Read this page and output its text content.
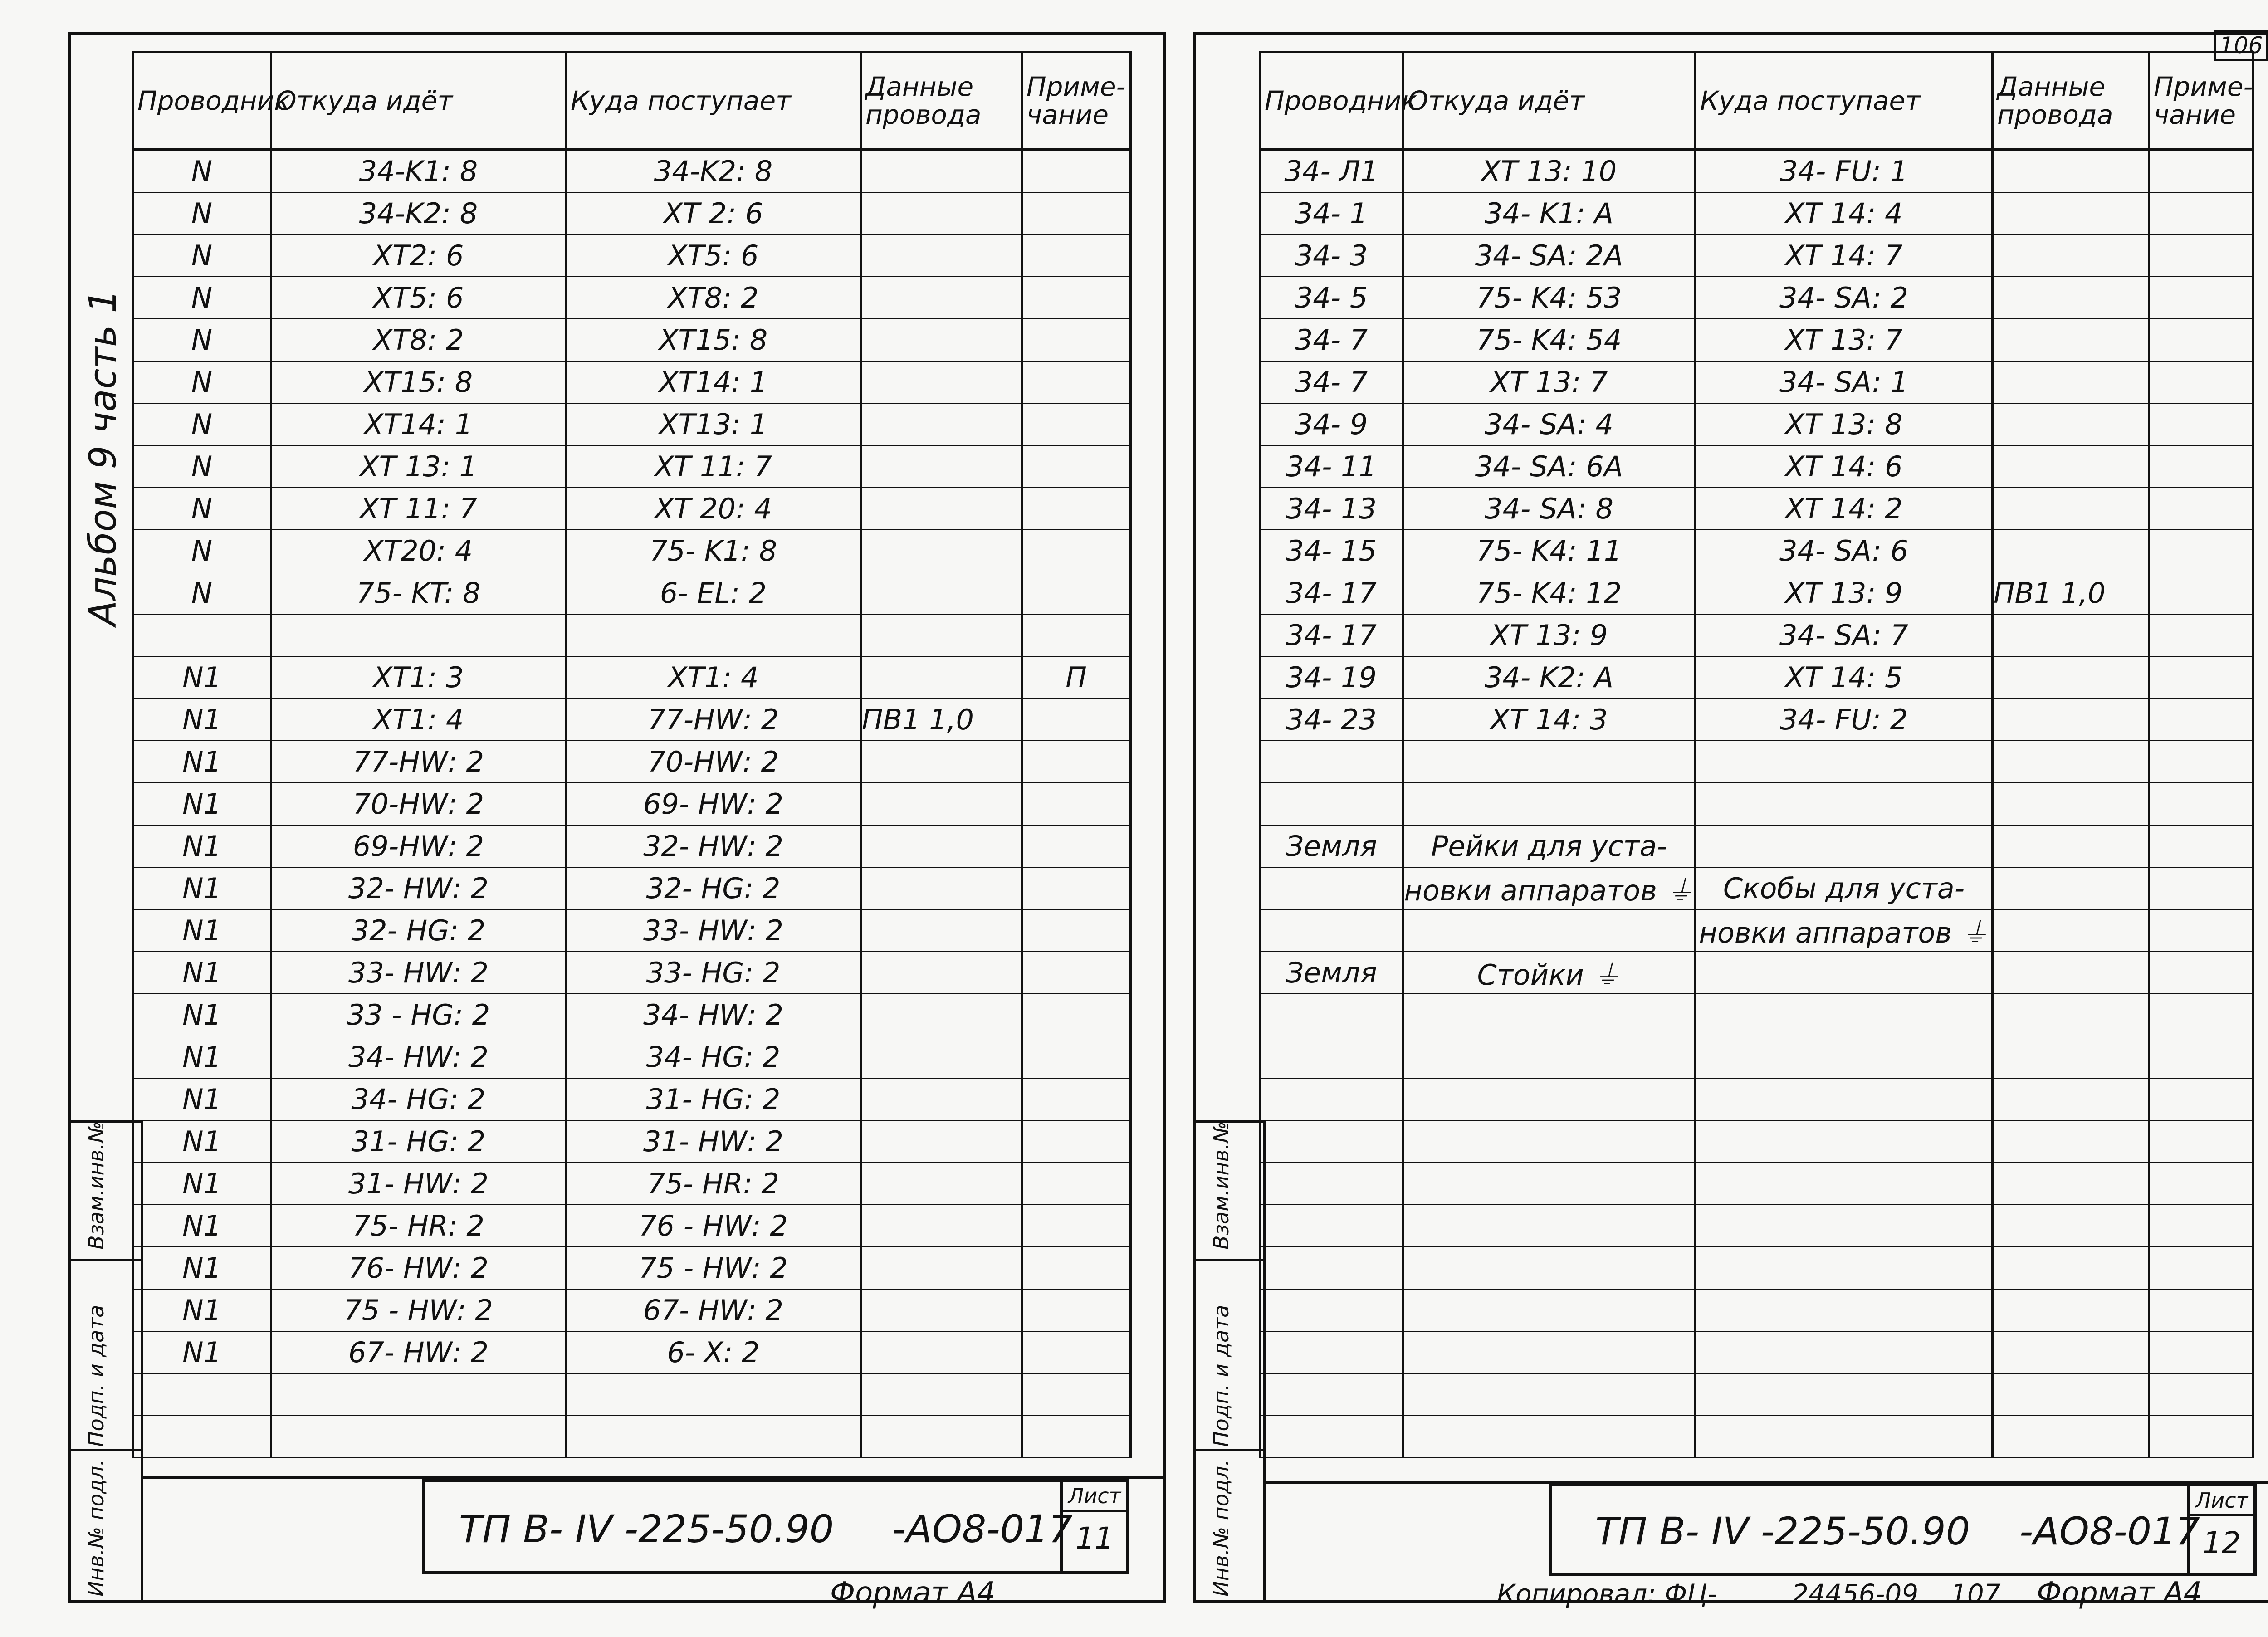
106
Альбом 9 часть 1
Взам.инв.№
Подп. и дата
Инв.№ подл.
Проводник	Откуда идёт	Куда поступает	Данные провода	Приме- чание
N	34-K1: 8	34-K2: 8		
N	34-K2: 8	XT 2: 6		
N	XT2: 6	XT5: 6		
N	XT5: 6	XT8: 2		
N	XT8: 2	XT15: 8		
N	XT15: 8	XT14: 1		
N	XT14: 1	XT13: 1		
N	XT 13: 1	XT 11: 7		
N	XT 11: 7	XT 20: 4		
N	XT20: 4	75- K1: 8		
N	75- KT: 8	6- EL: 2		

N1	XT1: 3	XT1: 4		П
N1	XT1: 4	77-HW: 2	ПВ1 1,0	
N1	77-HW: 2	70-HW: 2		
N1	70-HW: 2	69- HW: 2		
N1	69-HW: 2	32- HW: 2		
N1	32- HW: 2	32- HG: 2		
N1	32- HG: 2	33- HW: 2		
N1	33- HW: 2	33- HG: 2		
N1	33 - HG: 2	34- HW: 2		
N1	34- HW: 2	34- HG: 2		
N1	34- HG: 2	31- HG: 2		
N1	31- HG: 2	31- HW: 2		
N1	31- HW: 2	75- HR: 2		
N1	75- HR: 2	76 - HW: 2		
N1	76- HW: 2	75 - HW: 2		
N1	75 - HW: 2	67- HW: 2		
N1	67- HW: 2	6- X: 2		

ТП В- IV -225-50.90 -АО8-017
Лист
11
Формат А4
Взам.инв.№
Подп. и дата
Инв.№ подл.
Проводник	Откуда идёт	Куда поступает	Данные провода	Приме- чание
34- Л1	XT 13: 10	34- FU: 1		
34- 1	34- K1: A	XT 14: 4		
34- 3	34- SA: 2A	XT 14: 7		
34- 5	75- K4: 53	34- SA: 2		
34- 7	75- K4: 54	XT 13: 7		
34- 7	XT 13: 7	34- SA: 1		
34- 9	34- SA: 4	XT 13: 8		
34- 11	34- SA: 6A	XT 14: 6		
34- 13	34- SA: 8	XT 14: 2		
34- 15	75- K4: 11	34- SA: 6		
34- 17	75- K4: 12	XT 13: 9	ПВ1 1,0	
34- 17	XT 13: 9	34- SA: 7		
34- 19	34- K2: A	XT 14: 5		
34- 23	XT 14: 3	34- FU: 2		

Земля	Рейки для уста-			
	новки аппаратов ⏚	Скобы для уста-		
		новки аппаратов ⏚		
Земля	Стойки ⏚			

ТП В- IV -225-50.90 -АО8-017
Лист
12
Копировал: ФЦ-	24456-09 107 Формат А4
